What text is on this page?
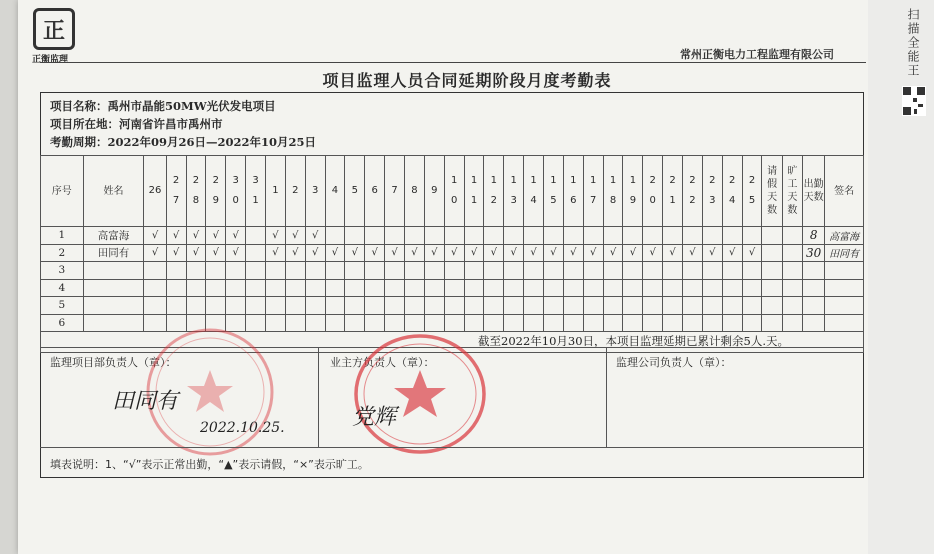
扫描全能王
正
正衡监理	常州正衡电力工程监理有限公司
项目监理人员合同延期阶段月度考勤表
项目名称：禹州市晶能50MW光伏发电项目
项目所在地：河南省许昌市禹州市
考勤周期：2022年09月26日—2022年10月25日
序号	姓名	26	27	28	29	30	31	1	2	3	4	5	6	7	8	9	10	11	12	13	14	15	16	17	18	19	20	21	22	23	24	25	请假天数	旷工天数	出勤天数	签名
1	高富海	√	√	√	√	√		√	√	√																									8	高富海
2	田同有	√	√	√	√	√		√	√	√	√	√	√	√	√	√	√	√	√	√	√	√	√	√	√	√	√	√	√	√	√	√			30	田同有
3																																				
4																																				
5																																				
6																																				

截至2022年10月30日，本项目监理延期已累计剩余5人.天。
监理项目部负责人（章）：	业主方负责人（章）：	监理公司负责人（章）：
田同有
2022.10.25.	党辉
填表说明：1、“√”表示正常出勤，“▲”表示请假，“×”表示旷工。
